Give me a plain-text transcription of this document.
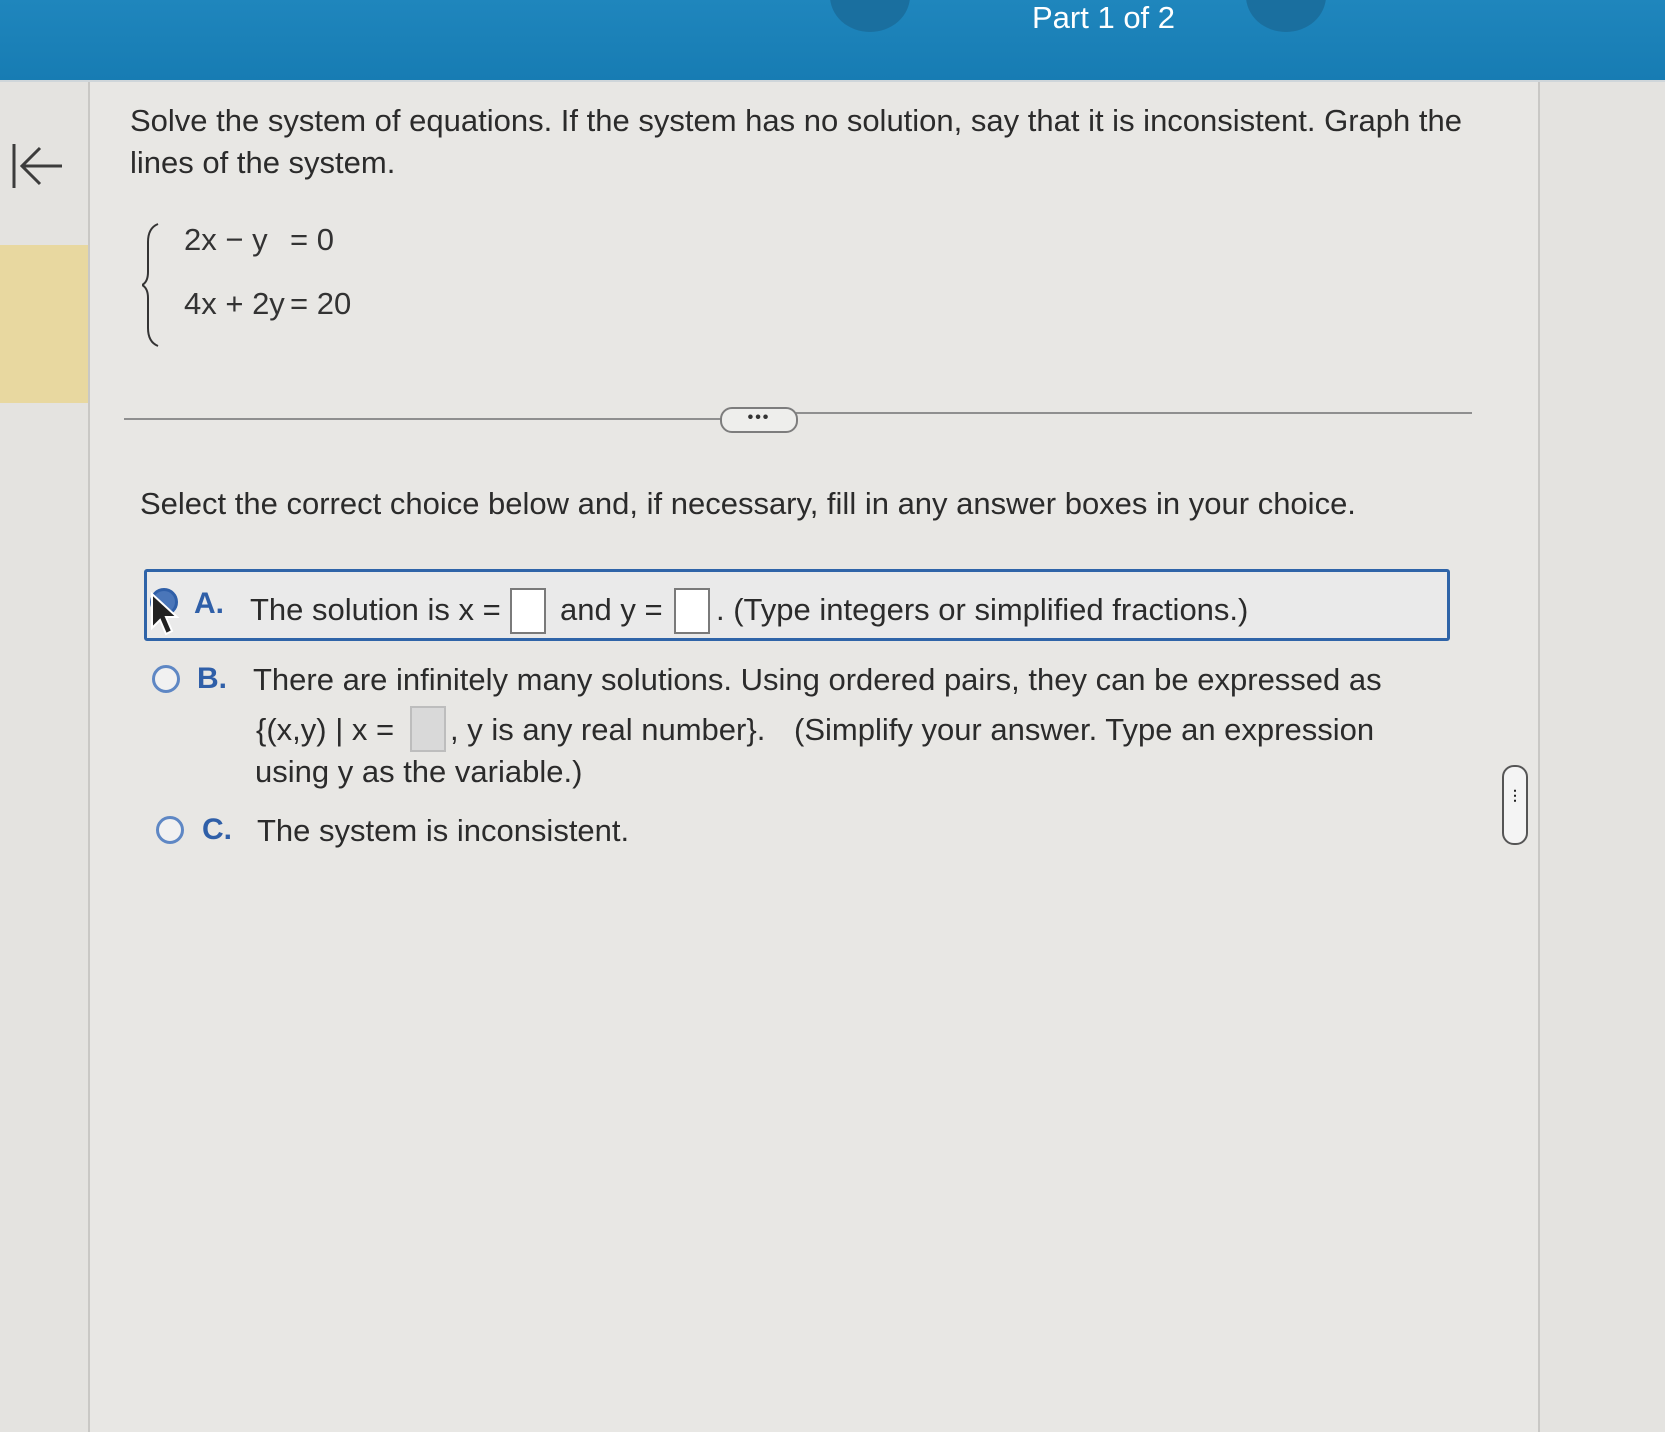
Part 1 of 2
Solve the system of equations. If the system has no solution, say that it is inconsistent. Graph the lines of the system.
2x − y = 0
4x + 2y = 20
•••
Select the correct choice below and, if necessary, fill in any answer boxes in your choice.
A. The solution is x = and y = . (Type integers or simplified fractions.)
B. There are infinitely many solutions. Using ordered pairs, they can be expressed as
{(x,y) | x = , y is any real number}. (Simplify your answer. Type an expression
using y as the variable.)
C. The system is inconsistent.
⋮
